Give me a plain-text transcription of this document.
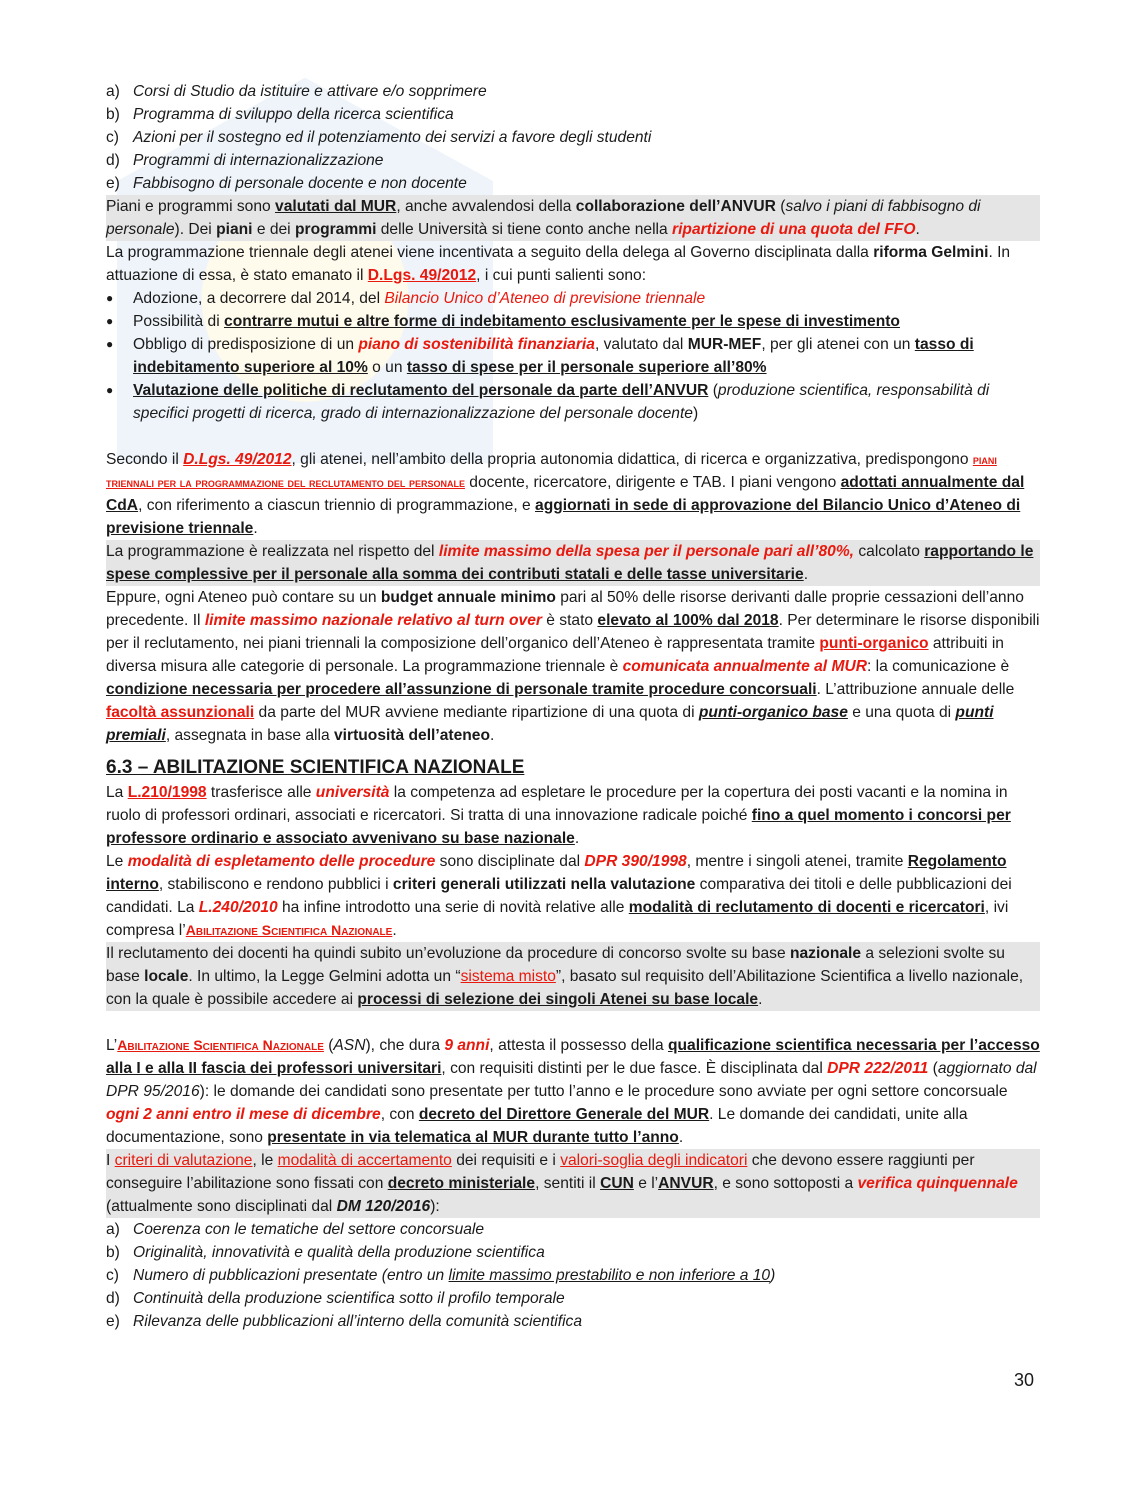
a) Corsi di Studio da istituire e attivare e/o sopprimere
b) Programma di sviluppo della ricerca scientifica
c) Azioni per il sostegno ed il potenziamento dei servizi a favore degli studenti
d) Programmi di internazionalizzazione
e) Fabbisogno di personale docente e non docente

Piani e programmi sono valutati dal MUR, anche avvalendosi della collaborazione dell’ANVUR (salvo i piani di fabbisogno di personale). Dei piani e dei programmi delle Università si tiene conto anche nella ripartizione di una quota del FFO.

La programmazione triennale degli atenei viene incentivata a seguito della delega al Governo disciplinata dalla riforma Gelmini. In attuazione di essa, è stato emanato il D.Lgs. 49/2012, i cui punti salienti sono:

●	Adozione, a decorrere dal 2014, del Bilancio Unico d’Ateneo di previsione triennale
●	Possibilità di contrarre mutui e altre forme di indebitamento esclusivamente per le spese di investimento
●	Obbligo di predisposizione di un piano di sostenibilità finanziaria, valutato dal MUR-MEF, per gli atenei con un tasso di indebitamento superiore al 10% o un tasso di spese per il personale superiore all’80%
●	Valutazione delle politiche di reclutamento del personale da parte dell’ANVUR (produzione scientifica, responsabilità di specifici progetti di ricerca, grado di internazionalizzazione del personale docente)

Secondo il D.Lgs. 49/2012, gli atenei, nell’ambito della propria autonomia didattica, di ricerca e organizzativa, predispongono piani triennali per la programmazione del reclutamento del personale docente, ricercatore, dirigente e TAB. I piani vengono adottati annualmente dal CdA, con riferimento a ciascun triennio di programmazione, e aggiornati in sede di approvazione del Bilancio Unico d’Ateneo di previsione triennale.

La programmazione è realizzata nel rispetto del limite massimo della spesa per il personale pari all’80%, calcolato rapportando le spese complessive per il personale alla somma dei contributi statali e delle tasse universitarie.

Eppure, ogni Ateneo può contare su un budget annuale minimo pari al 50% delle risorse derivanti dalle proprie cessazioni dell’anno precedente. Il limite massimo nazionale relativo al turn over è stato elevato al 100% dal 2018. Per determinare le risorse disponibili per il reclutamento, nei piani triennali la composizione dell’organico dell’Ateneo è rappresentata tramite punti-organico attribuiti in diversa misura alle categorie di personale. La programmazione triennale è comunicata annualmente al MUR: la comunicazione è condizione necessaria per procedere all’assunzione di personale tramite procedure concorsuali. L’attribuzione annuale delle facoltà assunzionali da parte del MUR avviene mediante ripartizione di una quota di punti-organico base e una quota di punti premiali, assegnata in base alla virtuosità dell’ateneo.

6.3 – ABILITAZIONE SCIENTIFICA NAZIONALE

La L.210/1998 trasferisce alle università la competenza ad espletare le procedure per la copertura dei posti vacanti e la nomina in ruolo di professori ordinari, associati e ricercatori. Si tratta di una innovazione radicale poiché fino a quel momento i concorsi per professore ordinario e associato avvenivano su base nazionale.

Le modalità di espletamento delle procedure sono disciplinate dal DPR 390/1998, mentre i singoli atenei, tramite Regolamento interno, stabiliscono e rendono pubblici i criteri generali utilizzati nella valutazione comparativa dei titoli e delle pubblicazioni dei candidati. La L.240/2010 ha infine introdotto una serie di novità relative alle modalità di reclutamento di docenti e ricercatori, ivi compresa l’Abilitazione Scientifica Nazionale.

Il reclutamento dei docenti ha quindi subito un’evoluzione da procedure di concorso svolte su base nazionale a selezioni svolte su base locale. In ultimo, la Legge Gelmini adotta un “sistema misto”, basato sul requisito dell’Abilitazione Scientifica a livello nazionale, con la quale è possibile accedere ai processi di selezione dei singoli Atenei su base locale.

L’Abilitazione Scientifica Nazionale (ASN), che dura 9 anni, attesta il possesso della qualificazione scientifica necessaria per l’accesso alla I e alla II fascia dei professori universitari, con requisiti distinti per le due fasce. È disciplinata dal DPR 222/2011 (aggiornato dal DPR 95/2016): le domande dei candidati sono presentate per tutto l’anno e le procedure sono avviate per ogni settore concorsuale ogni 2 anni entro il mese di dicembre, con decreto del Direttore Generale del MUR. Le domande dei candidati, unite alla documentazione, sono presentate in via telematica al MUR durante tutto l’anno.

I criteri di valutazione, le modalità di accertamento dei requisiti e i valori-soglia degli indicatori che devono essere raggiunti per conseguire l’abilitazione sono fissati con decreto ministeriale, sentiti il CUN e l’ANVUR, e sono sottoposti a verifica quinquennale (attualmente sono disciplinati dal DM 120/2016):

a) Coerenza con le tematiche del settore concorsuale
b) Originalità, innovatività e qualità della produzione scientifica
c) Numero di pubblicazioni presentate (entro un limite massimo prestabilito e non inferiore a 10)
d) Continuità della produzione scientifica sotto il profilo temporale
e) Rilevanza delle pubblicazioni all’interno della comunità scientifica
30
